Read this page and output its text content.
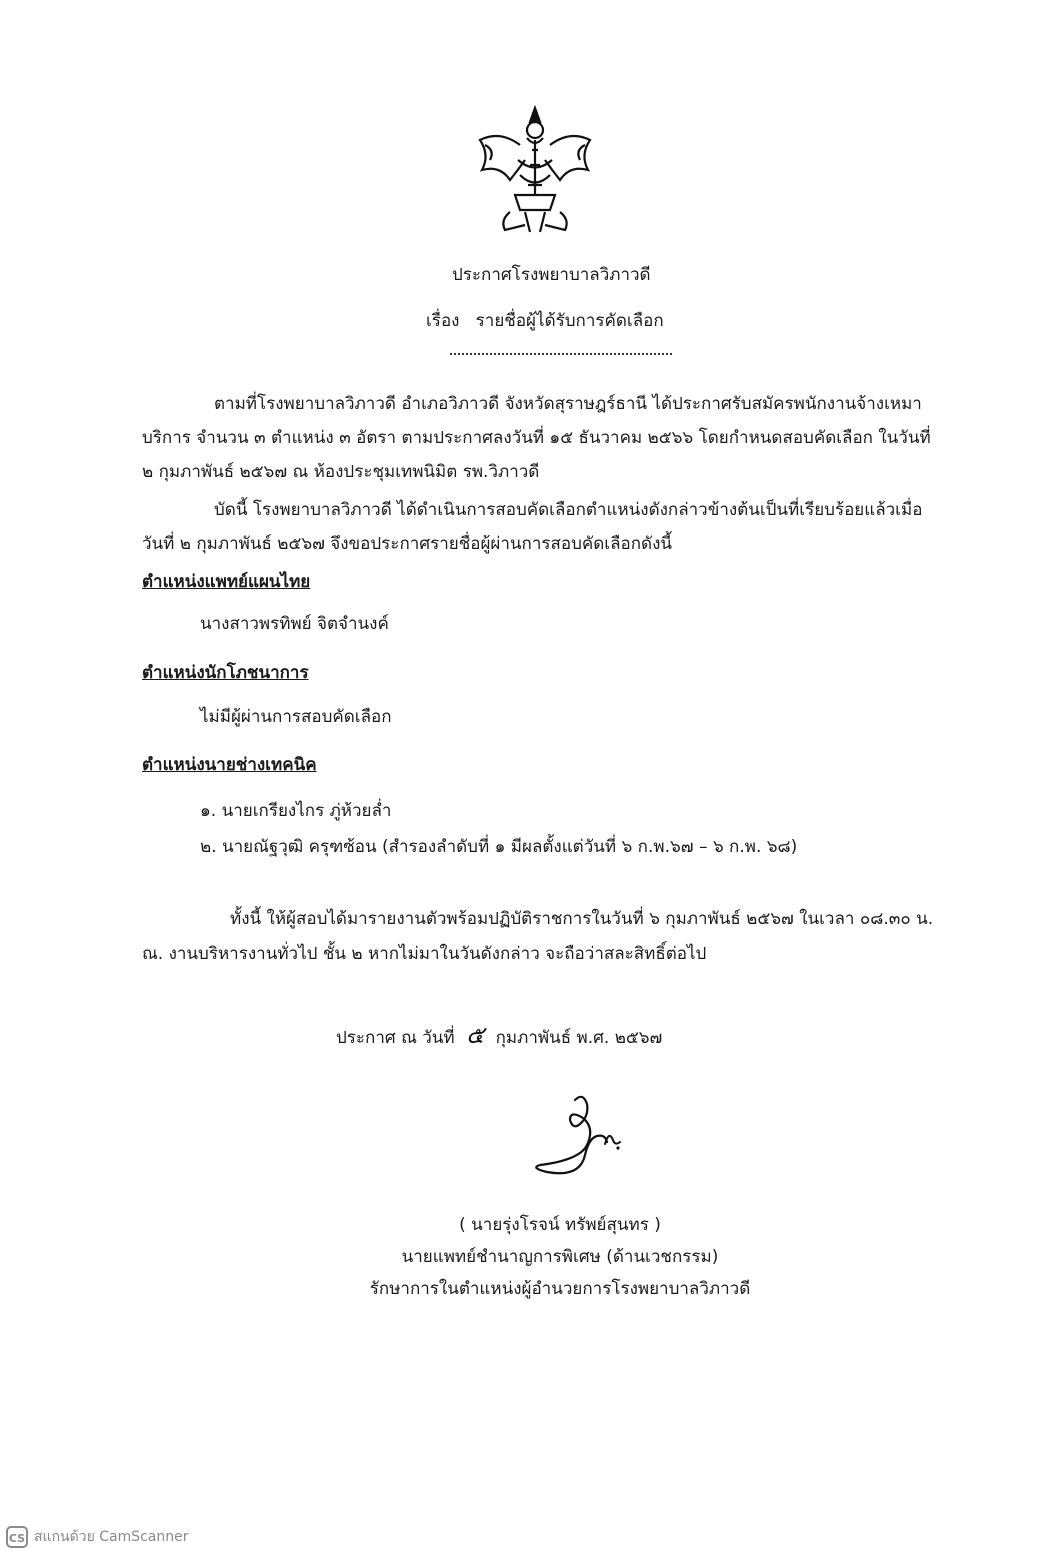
ประกาศโรงพยาบาลวิภาวดี
เรื่อง รายชื่อผู้ได้รับการคัดเลือก
ตามที่โรงพยาบาลวิภาวดี อำเภอวิภาวดี จังหวัดสุราษฎร์ธานี ได้ประกาศรับสมัครพนักงานจ้างเหมา
บริการ จำนวน ๓ ตำแหน่ง ๓ อัตรา ตามประกาศลงวันที่ ๑๕ ธันวาคม ๒๕๖๖ โดยกำหนดสอบคัดเลือก ในวันที่
๒ กุมภาพันธ์ ๒๕๖๗ ณ ห้องประชุมเทพนิมิต รพ.วิภาวดี
บัดนี้ โรงพยาบาลวิภาวดี ได้ดำเนินการสอบคัดเลือกตำแหน่งดังกล่าวข้างต้นเป็นที่เรียบร้อยแล้วเมื่อ
วันที่ ๒ กุมภาพันธ์ ๒๕๖๗ จึงขอประกาศรายชื่อผู้ผ่านการสอบคัดเลือกดังนี้
ตำแหน่งแพทย์แผนไทย
นางสาวพรทิพย์ จิตจำนงค์
ตำแหน่งนักโภชนาการ
ไม่มีผู้ผ่านการสอบคัดเลือก
ตำแหน่งนายช่างเทคนิค
๑. นายเกรียงไกร ภู่ห้วยล่ำ
๒. นายณัฐวุฒิ ครุฑซ้อน (สำรองลำดับที่ ๑ มีผลตั้งแต่วันที่ ๖ ก.พ.๖๗ – ๖ ก.พ. ๖๘)
ทั้งนี้ ให้ผู้สอบได้มารายงานตัวพร้อมปฏิบัติราชการในวันที่ ๖ กุมภาพันธ์ ๒๕๖๗ ในเวลา ๐๘.๓๐ น.
ณ. งานบริหารงานทั่วไป ชั้น ๒ หากไม่มาในวันดังกล่าว จะถือว่าสละสิทธิ์ต่อไป
ประกาศ ณ วันที่ ๕ กุมภาพันธ์ พ.ศ. ๒๕๖๗
( นายรุ่งโรจน์ ทรัพย์สุนทร )
นายแพทย์ชำนาญการพิเศษ (ด้านเวชกรรม)
รักษาการในตำแหน่งผู้อำนวยการโรงพยาบาลวิภาวดี
CS สแกนด้วย CamScanner
